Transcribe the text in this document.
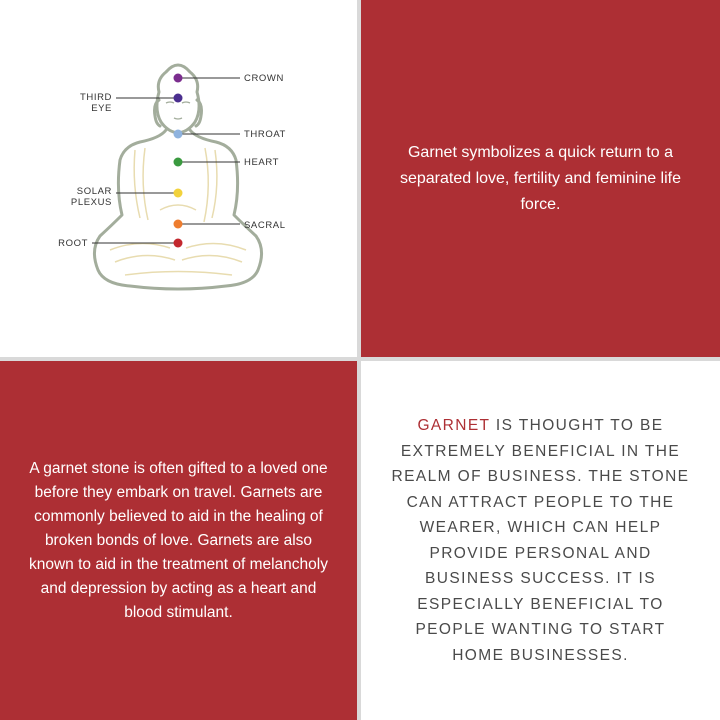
CROWN
THIRD
EYE
THROAT
HEART
SOLAR
PLEXUS
SACRAL
ROOT

Garnet symbolizes a quick return to a separated love, fertility and feminine life force.

A garnet stone is often gifted to a loved one before they embark on travel. Garnets are commonly believed to aid in the healing of broken bonds of love. Garnets are also known to aid in the treatment of melancholy and depression by acting as a heart and blood stimulant.

GARNET IS THOUGHT TO BE EXTREMELY BENEFICIAL IN THE REALM OF BUSINESS. THE STONE CAN ATTRACT PEOPLE TO THE WEARER, WHICH CAN HELP PROVIDE PERSONAL AND BUSINESS SUCCESS. IT IS ESPECIALLY BENEFICIAL TO PEOPLE WANTING TO START HOME BUSINESSES.
